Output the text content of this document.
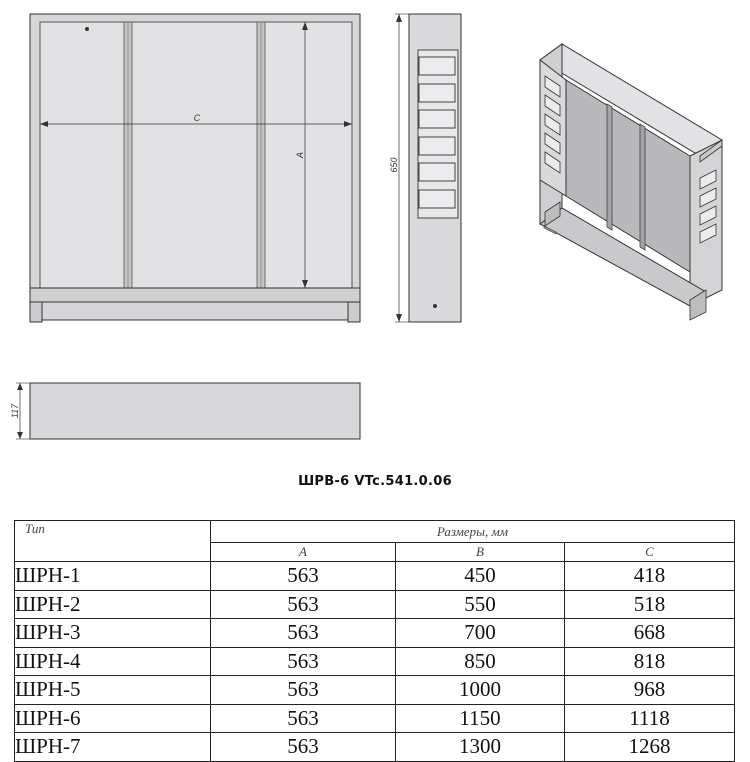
C
A
650
117
ШРВ-6 VTc.541.0.06
Тип	Размеры, мм		
	A	B	C
ШРН-1	563	450	418
ШРН-2	563	550	518
ШРН-3	563	700	668
ШРН-4	563	850	818
ШРН-5	563	1000	968
ШРН-6	563	1150	1118
ШРН-7	563	1300	1268
